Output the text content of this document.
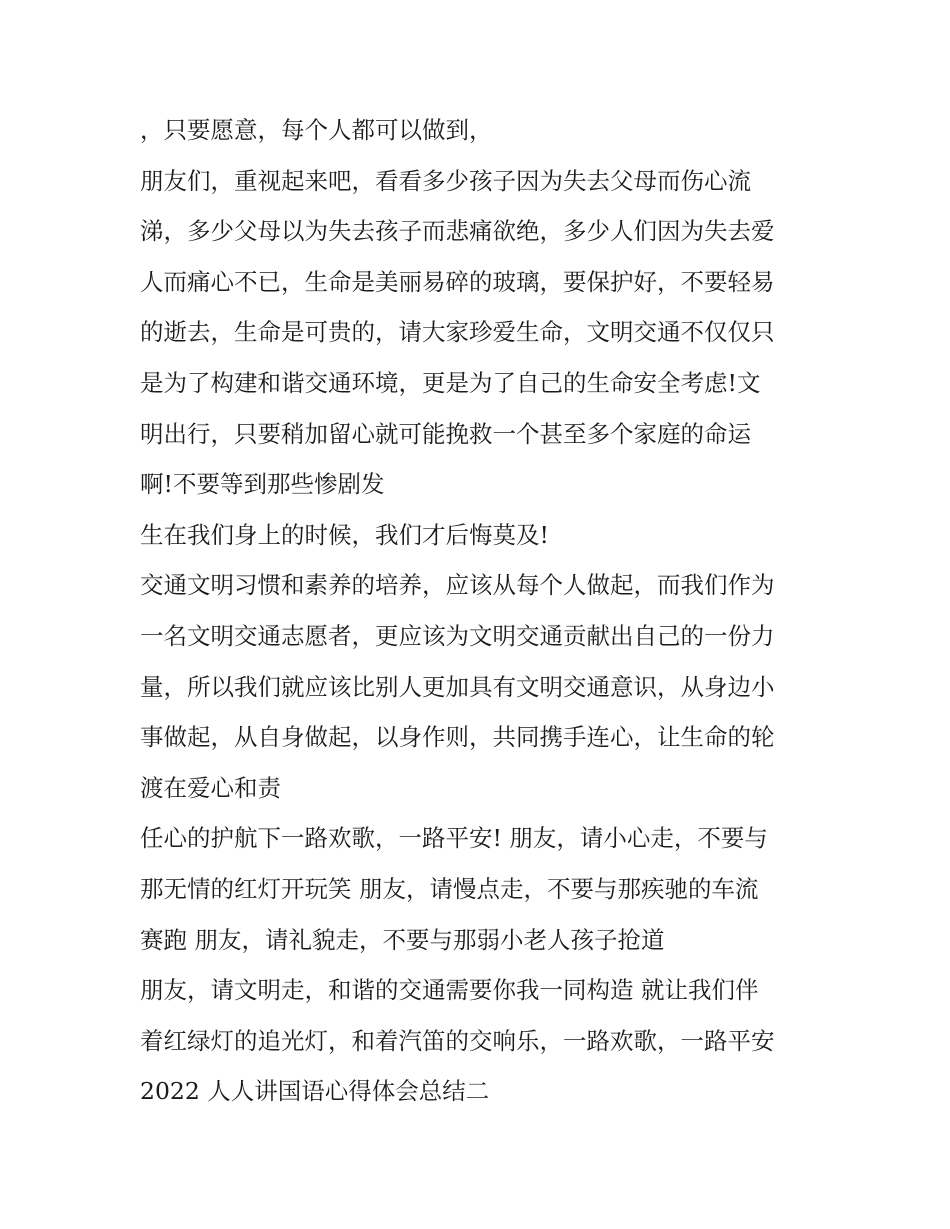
，只要愿意，每个人都可以做到，
朋友们，重视起来吧，看看多少孩子因为失去父母而伤心流
涕，多少父母以为失去孩子而悲痛欲绝，多少人们因为失去爱
人而痛心不已，生命是美丽易碎的玻璃，要保护好，不要轻易
的逝去，生命是可贵的，请大家珍爱生命，文明交通不仅仅只
是为了构建和谐交通环境，更是为了自己的生命安全考虑!文
明出行，只要稍加留心就可能挽救一个甚至多个家庭的命运
啊!不要等到那些惨剧发
生在我们身上的时候，我们才后悔莫及!
交通文明习惯和素养的培养，应该从每个人做起，而我们作为
一名文明交通志愿者，更应该为文明交通贡献出自己的一份力
量，所以我们就应该比别人更加具有文明交通意识，从身边小
事做起，从自身做起，以身作则，共同携手连心，让生命的轮
渡在爱心和责
任心的护航下一路欢歌，一路平安! 朋友，请小心走，不要与
那无情的红灯开玩笑 朋友，请慢点走，不要与那疾驰的车流
赛跑 朋友，请礼貌走，不要与那弱小老人孩子抢道
朋友，请文明走，和谐的交通需要你我一同构造 就让我们伴
着红绿灯的追光灯，和着汽笛的交响乐，一路欢歌，一路平安
2022 人人讲国语心得体会总结二
